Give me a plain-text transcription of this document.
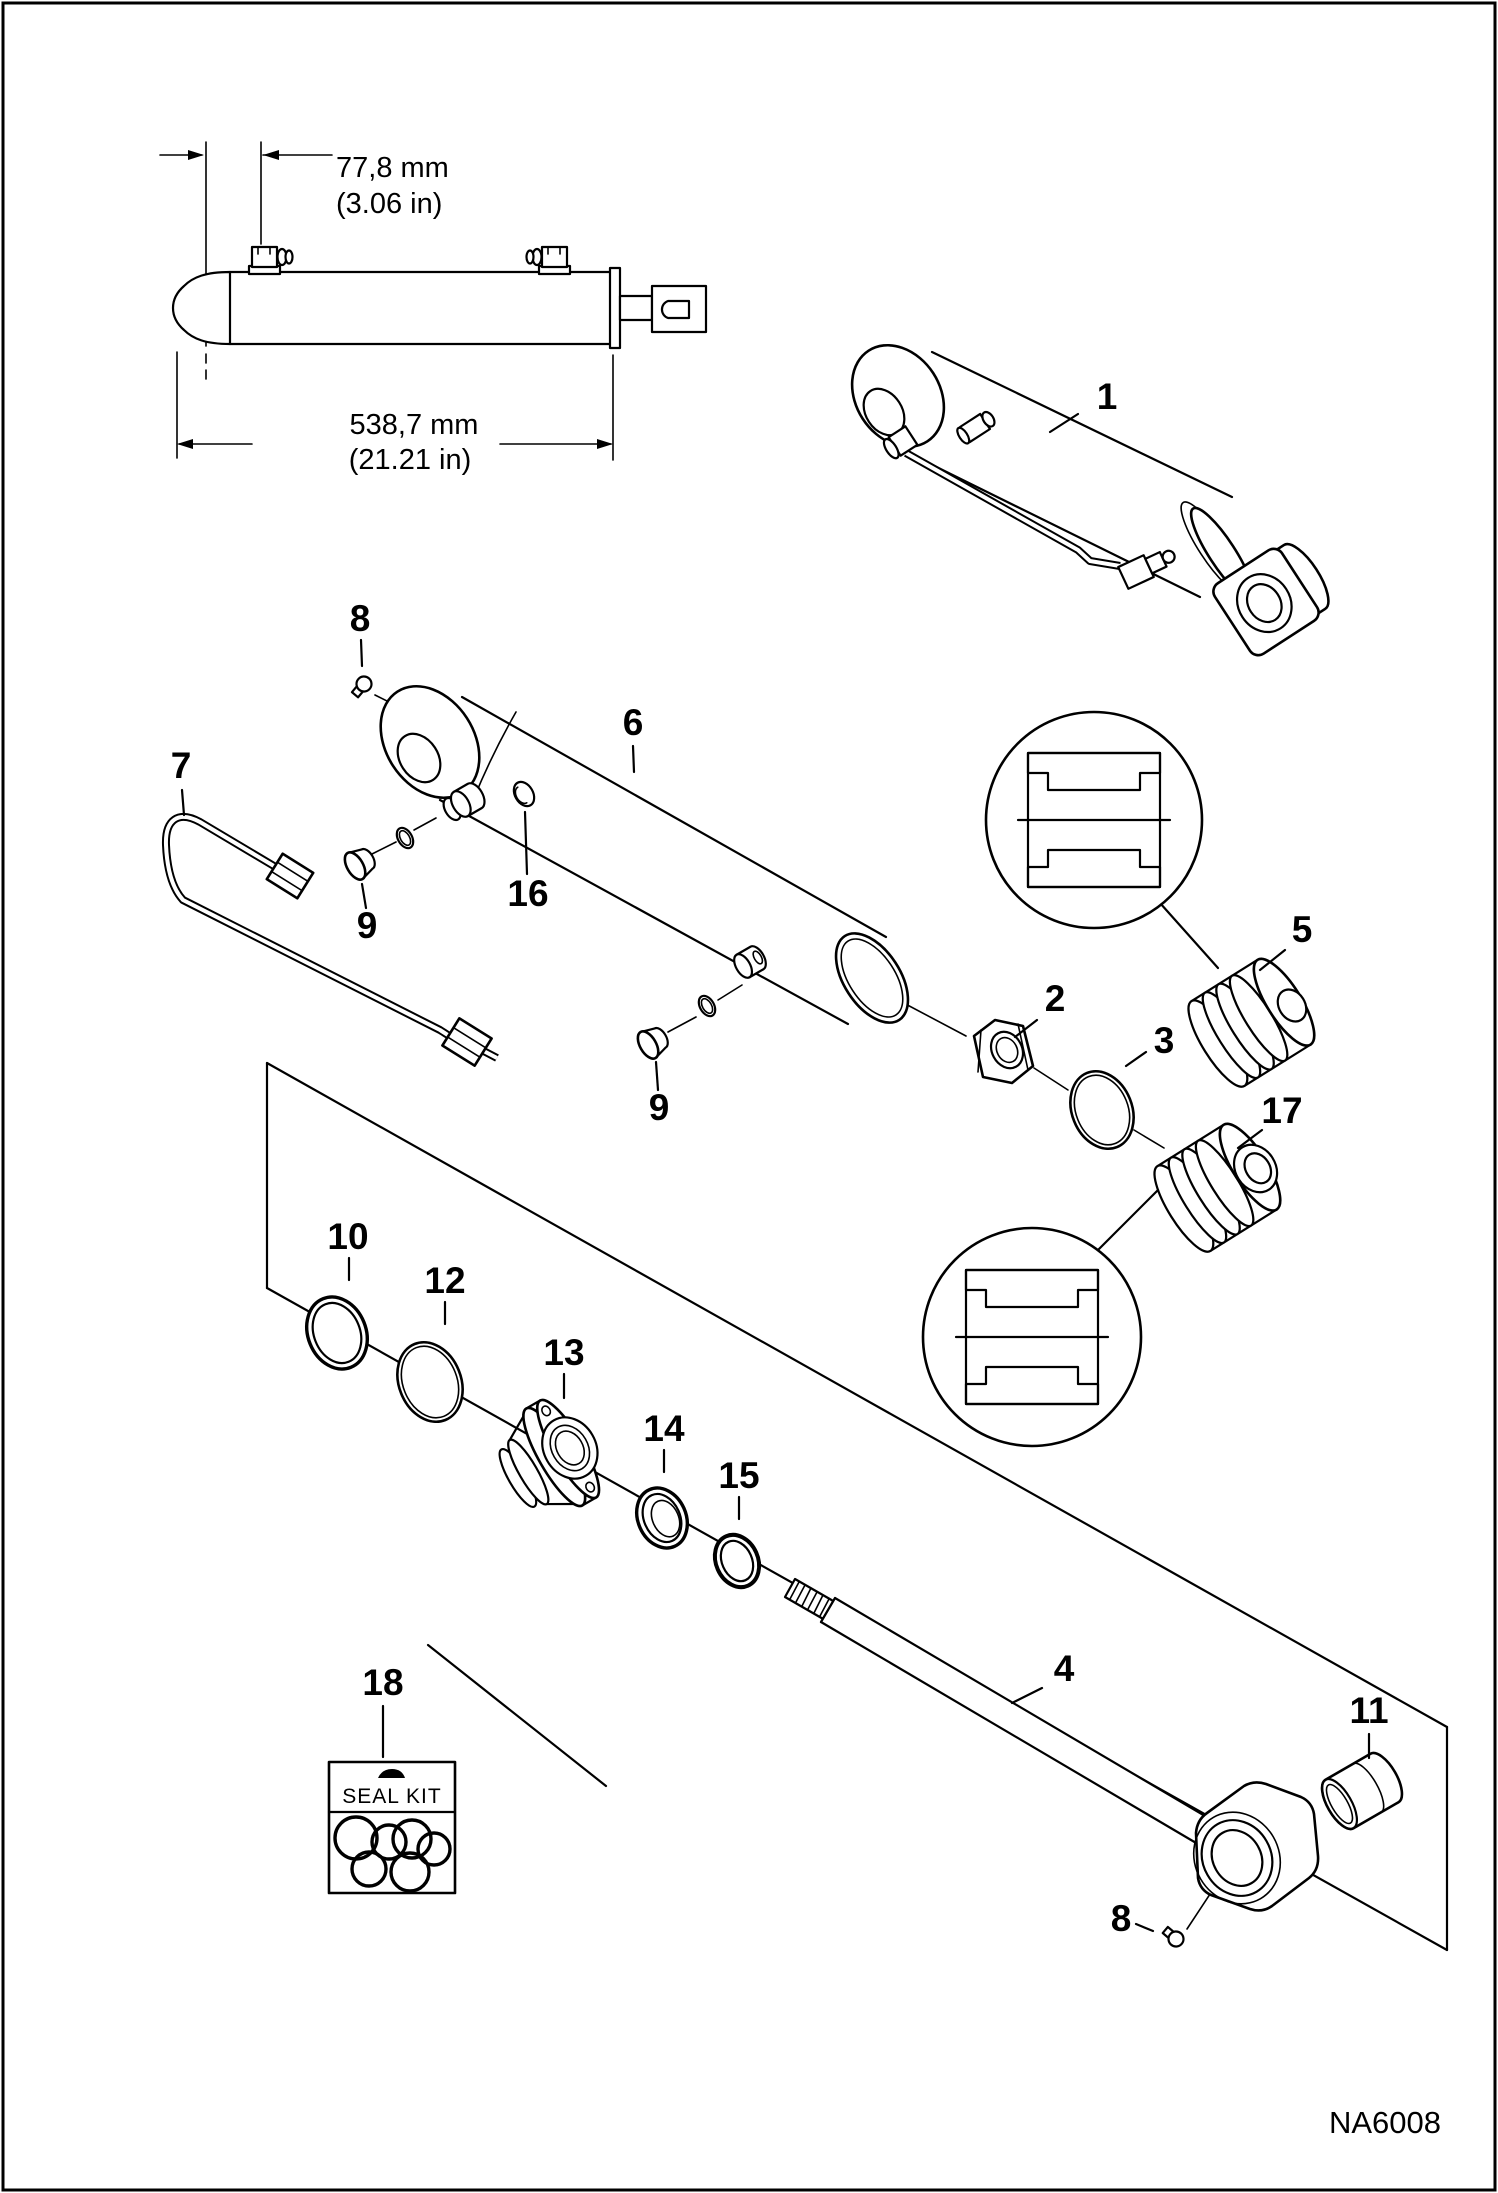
77,8 mm
(3.06 in)
538,7 mm
(21.21 in)
1
8
7
6
16
9
9
2
3
5
17
10
12
13
14
15
4
11
8
18
SEAL KIT
NA6008
